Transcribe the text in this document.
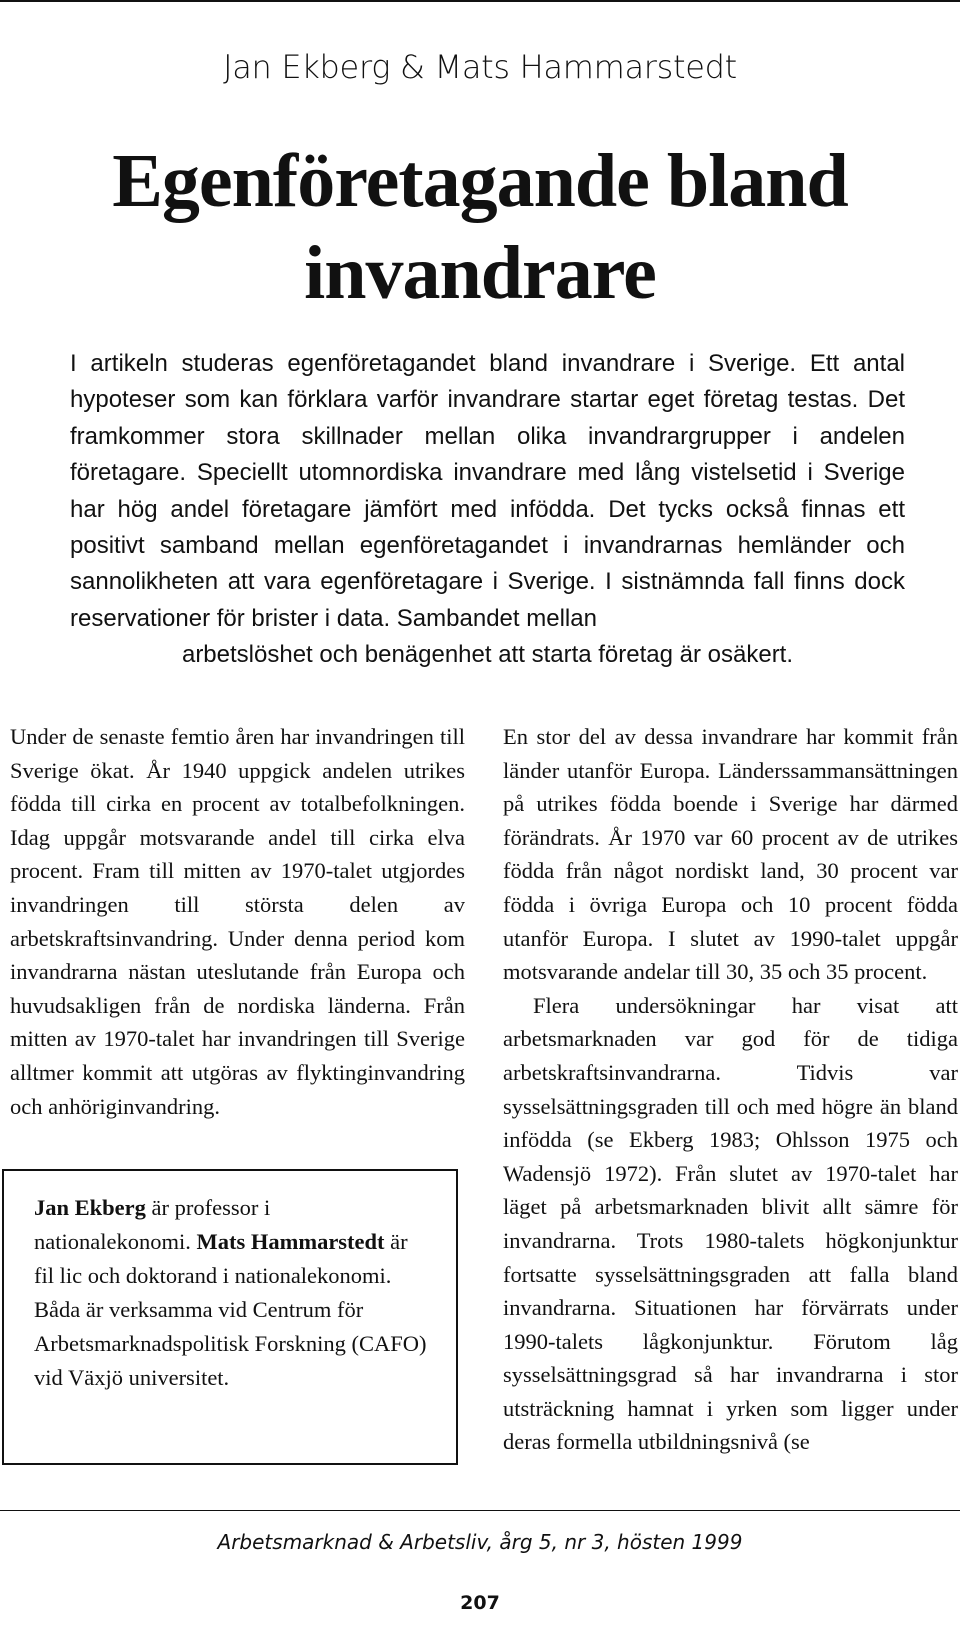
Jan Ekberg & Mats Hammarstedt
Egenföretagande bland
invandrare
I artikeln studeras egenföretagandet bland invandrare i Sverige. Ett antal hypoteser som kan förklara varför invandrare startar eget företag testas. Det framkommer stora skillnader mellan olika invandrargrupper i andelen företagare. Speciellt utomnordiska invandrare med lång vistelsetid i Sverige har hög andel företagare jämfört med infödda. Det tycks också finnas ett positivt samband mellan egenföretagandet i invandrarnas hemländer och sannolikheten att vara egenföretagare i Sverige. I sistnämnda fall finns dock reservationer för brister i data. Sambandet mellan
arbetslöshet och benägenhet att starta företag är osäkert.

Under de senaste femtio åren har invandringen till Sverige ökat. År 1940 uppgick andelen utrikes födda till cirka en procent av totalbefolkningen. Idag uppgår motsvarande andel till cirka elva procent. Fram till mitten av 1970-talet utgjordes invandringen till största delen av arbetskraftsinvandring. Under denna period kom invandrarna nästan uteslutande från Europa och huvudsakligen från de nordiska länderna. Från mitten av 1970-talet har invandringen till Sverige alltmer kommit att utgöras av flyktinginvandring och anhöriginvandring.

Jan Ekberg är professor i nationalekonomi. Mats Hammarstedt är fil lic och doktorand i nationalekonomi. Båda är verksamma vid Centrum för Arbetsmarknadspolitisk Forskning (CAFO) vid Växjö universitet.

En stor del av dessa invandrare har kommit från länder utanför Europa. Länderssammansättningen på utrikes födda boende i Sverige har därmed förändrats. År 1970 var 60 procent av de utrikes födda från något nordiskt land, 30 procent var födda i övriga Europa och 10 procent födda utanför Europa. I slutet av 1990-talet uppgår motsvarande andelar till 30, 35 och 35 procent.

Flera undersökningar har visat att arbetsmarknaden var god för de tidiga arbetskraftsinvandrarna. Tidvis var sysselsättningsgraden till och med högre än bland infödda (se Ekberg 1983; Ohlsson 1975 och Wadensjö 1972). Från slutet av 1970-talet har läget på arbetsmarknaden blivit allt sämre för invandrarna. Trots 1980-talets högkonjunktur fortsatte sysselsättningsgraden att falla bland invandrarna. Situationen har förvärrats under 1990-talets lågkonjunktur. Förutom låg sysselsättningsgrad så har invandrarna i stor utsträckning hamnat i yrken som ligger under deras formella utbildningsnivå (se

Arbetsmarknad & Arbetsliv, årg 5, nr 3, hösten 1999
207
